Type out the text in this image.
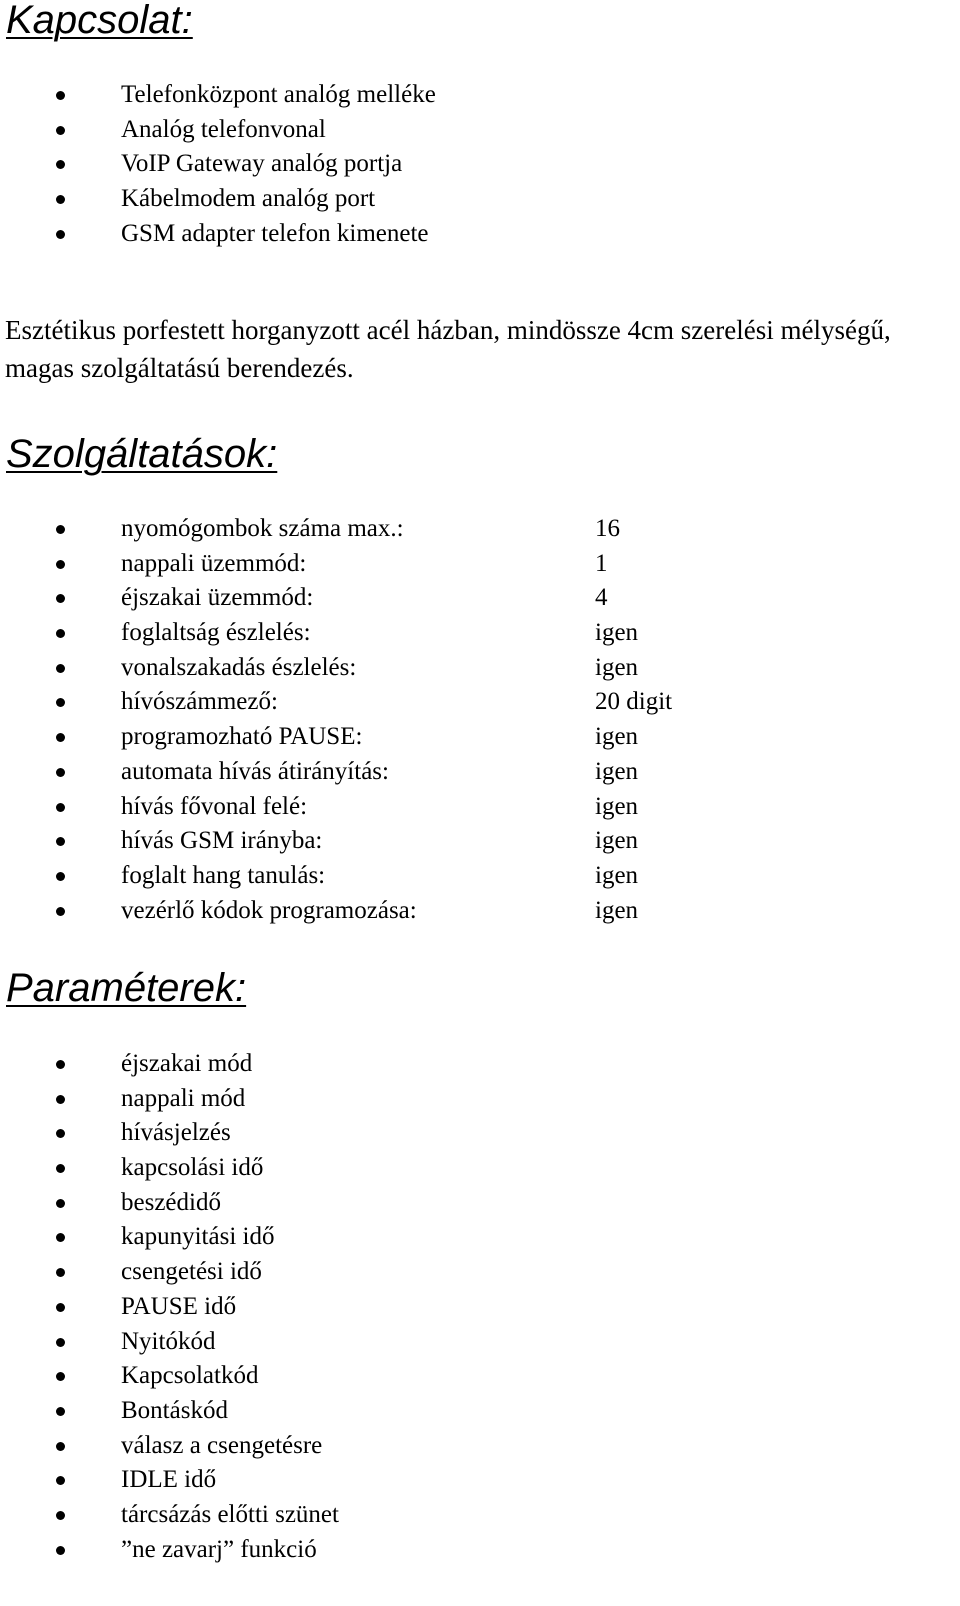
Kapcsolat:
Telefonközpont analóg melléke
Analóg telefonvonal
VoIP Gateway analóg portja
Kábelmodem analóg port
GSM adapter telefon kimenete

Esztétikus porfestett horganyzott acél házban, mindössze 4cm szerelési mélységű, magas szolgáltatású berendezés.

Szolgáltatások:
nyomógombok száma max.:	16
nappali üzemmód:	1
éjszakai üzemmód:	4
foglaltság észlelés:	igen
vonalszakadás észlelés:	igen
hívószámmező:	20 digit
programozható PAUSE:	igen
automata hívás átirányítás:	igen
hívás fővonal felé:	igen
hívás GSM irányba:	igen
foglalt hang tanulás:	igen
vezérlő kódok programozása:	igen
Paraméterek:
éjszakai mód
nappali mód
hívásjelzés
kapcsolási idő
beszédidő
kapunyitási idő
csengetési idő
PAUSE idő
Nyitókód
Kapcsolatkód
Bontáskód
válasz a csengetésre
IDLE idő
tárcsázás előtti szünet
”ne zavarj” funkció
